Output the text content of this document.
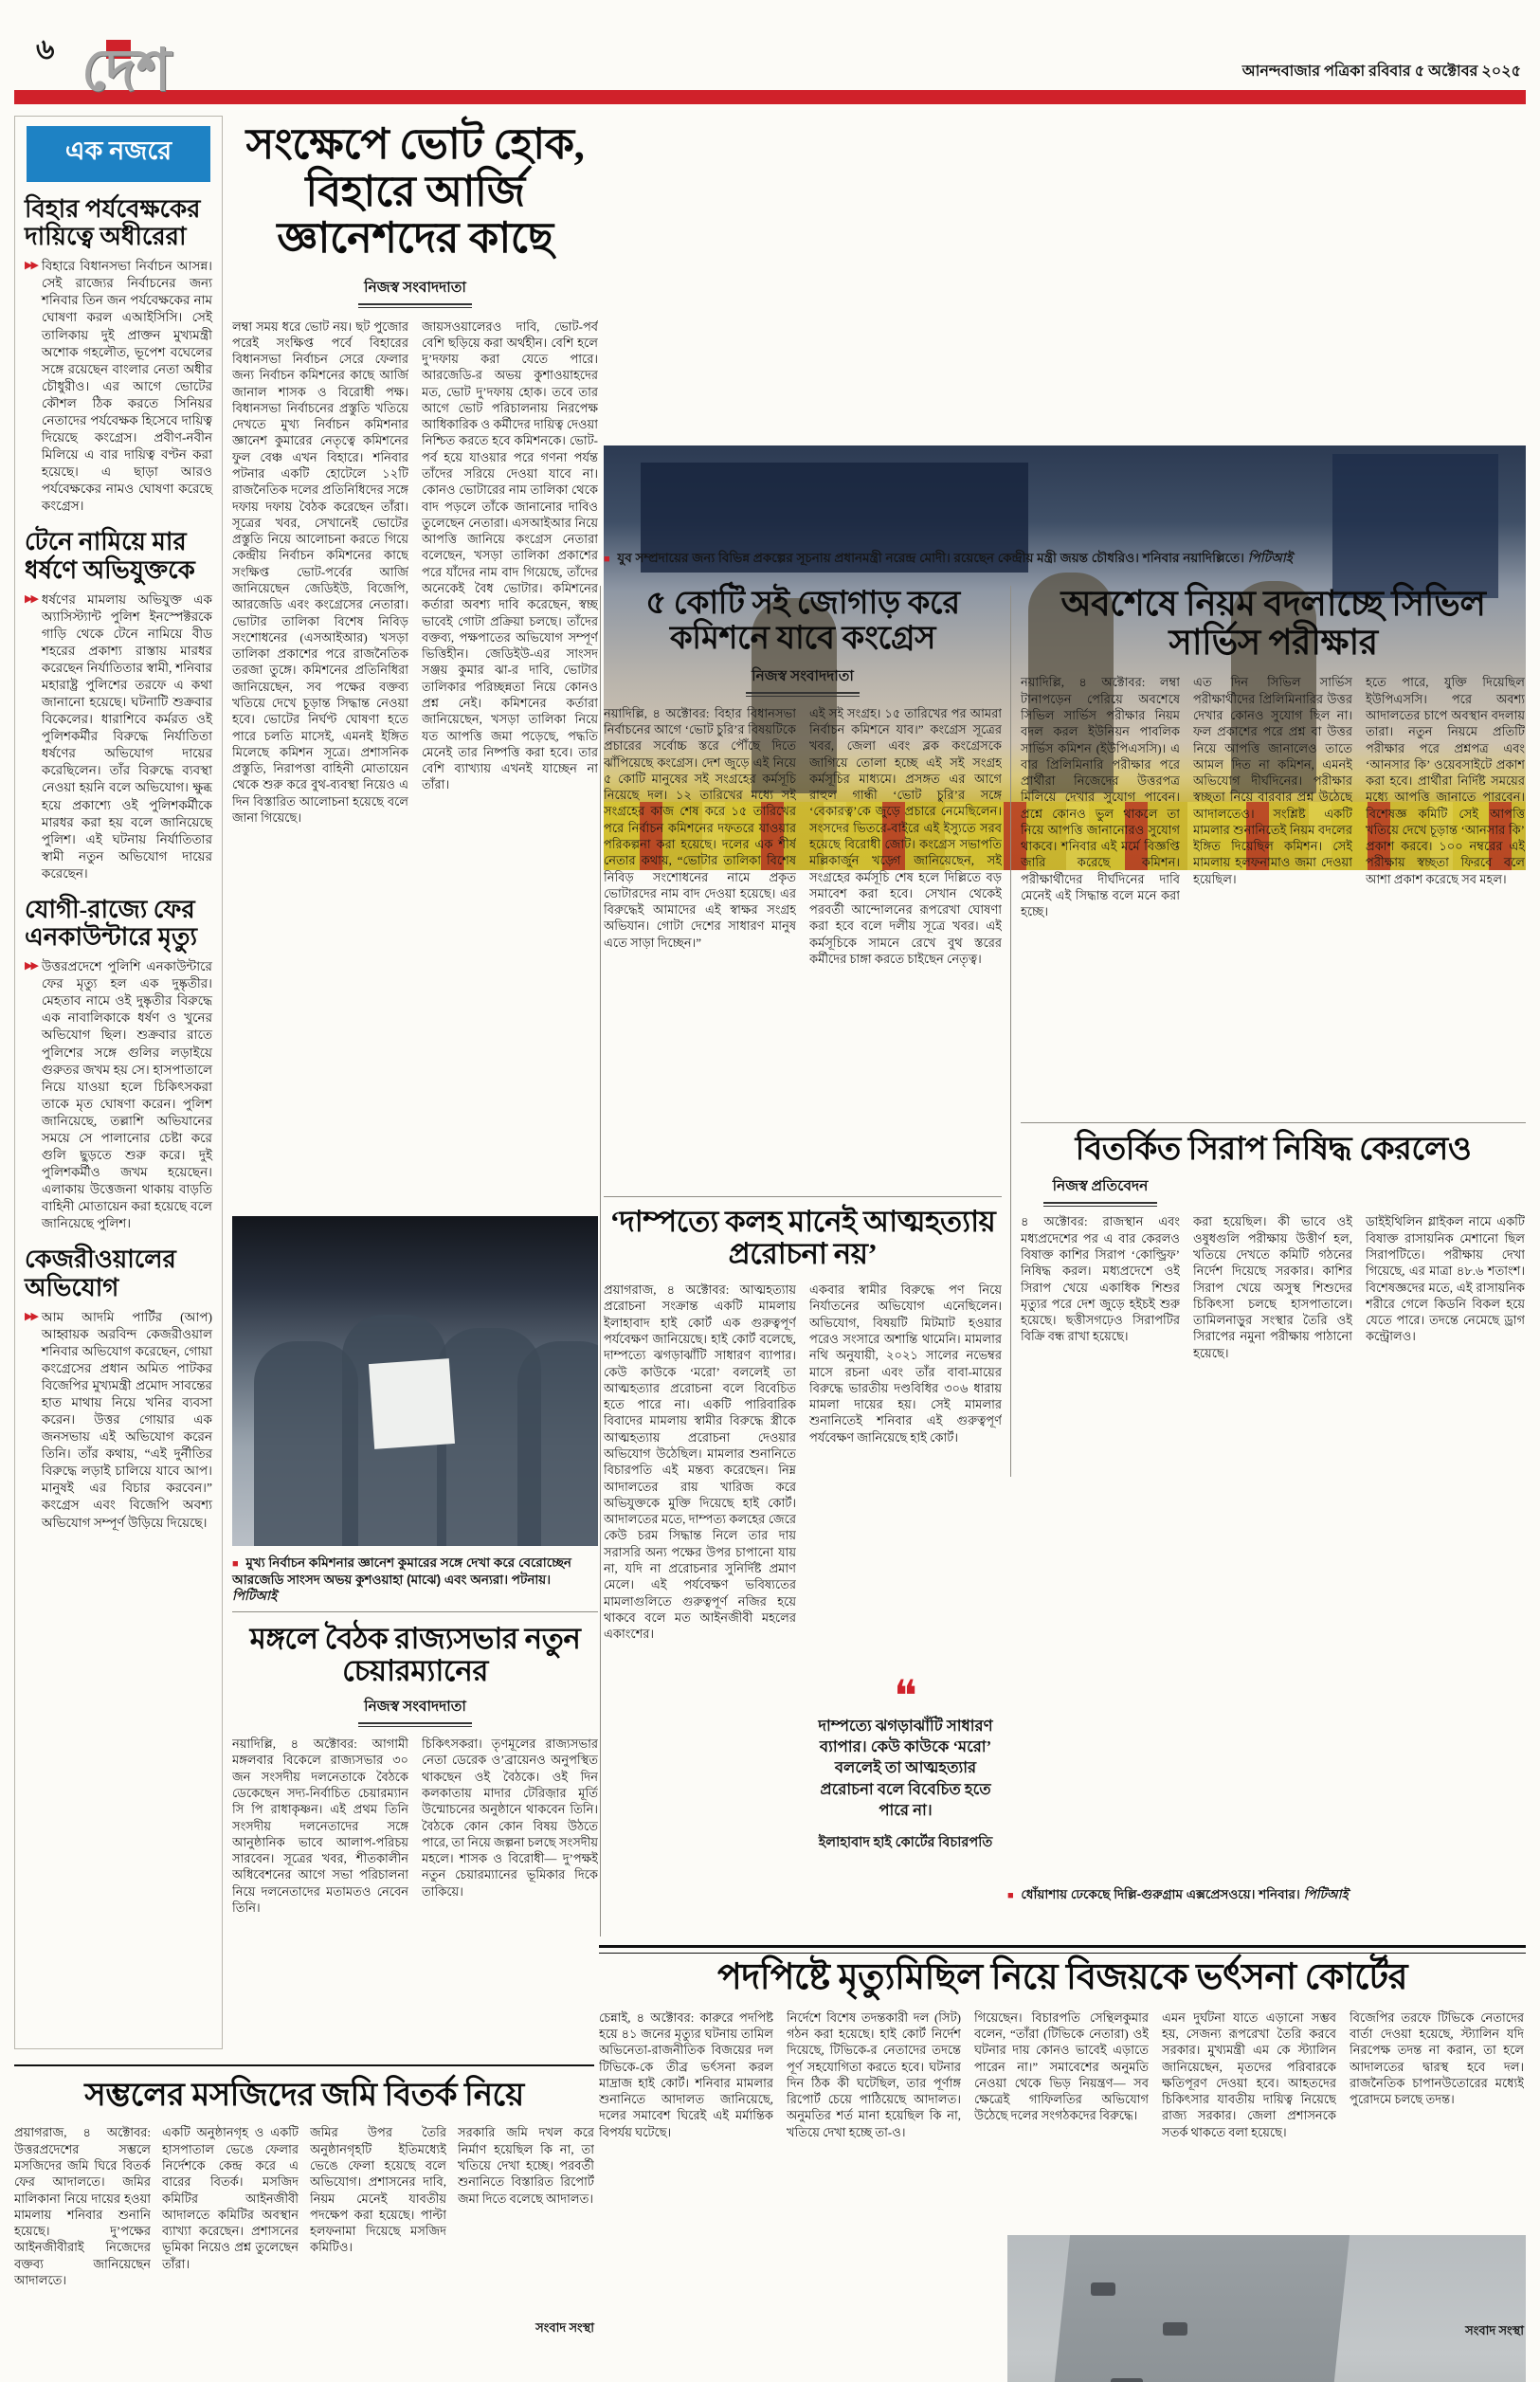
৬ দেশ	আনন্দবাজার পত্রিকা রবিবার ৫ অক্টোবর ২০২৫
এক নজরে
বিহার পর্যবেক্ষকের দায়িত্বে অধীরেরা
▶▶ বিহারে বিধানসভা নির্বাচন আসন্ন। সেই রাজ্যের নির্বাচনের জন্য শনিবার তিন জন পর্যবেক্ষকের নাম ঘোষণা করল এআইসিসি। সেই তালিকায় দুই প্রাক্তন মুখ্যমন্ত্রী অশোক গহলৌত, ভূপেশ বঘেলের সঙ্গে রয়েছেন বাংলার নেতা অধীর চৌধুরীও। এর আগে ভোটের কৌশল ঠিক করতে সিনিয়র নেতাদের পর্যবেক্ষক হিসেবে দায়িত্ব দিয়েছে কংগ্রেস। প্রবীণ-নবীন মিলিয়ে এ বার দায়িত্ব বণ্টন করা হয়েছে। এ ছাড়া আরও পর্যবেক্ষকের নামও ঘোষণা করেছে কংগ্রেস।
টেনে নামিয়ে মার ধর্ষণে অভিযুক্তকে
▶▶ ধর্ষণের মামলায় অভিযুক্ত এক অ্যাসিস্ট্যান্ট পুলিশ ইনস্পেক্টরকে গাড়ি থেকে টেনে নামিয়ে বীড শহরের প্রকাশ্য রাস্তায় মারধর করেছেন নির্যাতিতার স্বামী, শনিবার মহারাষ্ট্র পুলিশের তরফে এ কথা জানানো হয়েছে। ঘটনাটি শুক্রবার বিকেলের। ধারাশিবে কর্মরত ওই পুলিশকর্মীর বিরুদ্ধে নির্যাতিতা ধর্ষণের অভিযোগ দায়ের করেছিলেন। তাঁর বিরুদ্ধে ব্যবস্থা নেওয়া হয়নি বলে অভিযোগ। ক্ষুব্ধ হয়ে প্রকাশ্যে ওই পুলিশকর্মীকে মারধর করা হয় বলে জানিয়েছে পুলিশ। এই ঘটনায় নির্যাতিতার স্বামী নতুন অভিযোগ দায়ের করেছেন।
যোগী-রাজ্যে ফের এনকাউন্টারে মৃত্যু
▶▶ উত্তরপ্রদেশে পুলিশি এনকাউন্টারে ফের মৃত্যু হল এক দুষ্কৃতীর। মেহতাব নামে ওই দুষ্কৃতীর বিরুদ্ধে এক নাবালিকাকে ধর্ষণ ও খুনের অভিযোগ ছিল। শুক্রবার রাতে পুলিশের সঙ্গে গুলির লড়াইয়ে গুরুতর জখম হয় সে। হাসপাতালে নিয়ে যাওয়া হলে চিকিৎসকরা তাকে মৃত ঘোষণা করেন। পুলিশ জানিয়েছে, তল্লাশি অভিযানের সময়ে সে পালানোর চেষ্টা করে গুলি ছুড়তে শুরু করে। দুই পুলিশকর্মীও জখম হয়েছেন। এলাকায় উত্তেজনা থাকায় বাড়তি বাহিনী মোতায়েন করা হয়েছে বলে জানিয়েছে পুলিশ।
কেজরীওয়ালের অভিযোগ
▶▶ আম আদমি পার্টির (আপ) আহ্বায়ক অরবিন্দ কেজরীওয়াল শনিবার অভিযোগ করেছেন, গোয়া কংগ্রেসের প্রধান অমিত পাটকর বিজেপির মুখ্যমন্ত্রী প্রমোদ সাবন্তের হাত মাথায় নিয়ে খনির ব্যবসা করেন। উত্তর গোয়ার এক জনসভায় এই অভিযোগ করেন তিনি। তাঁর কথায়, “এই দুর্নীতির বিরুদ্ধে লড়াই চালিয়ে যাবে আপ। মানুষই এর বিচার করবেন।” কংগ্রেস এবং বিজেপি অবশ্য অভিযোগ সম্পূর্ণ উড়িয়ে দিয়েছে।
সংক্ষেপে ভোট হোক, বিহারে আর্জি জ্ঞানেশদের কাছে
নিজস্ব সংবাদদাতা
লম্বা সময় ধরে ভোট নয়। ছট পুজোর পরেই সংক্ষিপ্ত পর্বে বিহারের বিধানসভা নির্বাচন সেরে ফেলার জন্য নির্বাচন কমিশনের কাছে আর্জি জানাল শাসক ও বিরোধী পক্ষ। বিধানসভা নির্বাচনের প্রস্তুতি খতিয়ে দেখতে মুখ্য নির্বাচন কমিশনার জ্ঞানেশ কুমারের নেতৃত্বে কমিশনের ফুল বেঞ্চ এখন বিহারে। শনিবার পটনার একটি হোটেলে ১২টি রাজনৈতিক দলের প্রতিনিধিদের সঙ্গে দফায় দফায় বৈঠক করেছেন তাঁরা। সূত্রের খবর, সেখানেই ভোটের প্রস্তুতি নিয়ে আলোচনা করতে গিয়ে কেন্দ্রীয় নির্বাচন কমিশনের কাছে সংক্ষিপ্ত ভোট-পর্বের আর্জি জানিয়েছেন জেডিইউ, বিজেপি, আরজেডি এবং কংগ্রেসের নেতারা। ভোটার তালিকা বিশেষ নিবিড় সংশোধনের (এসআইআর) খসড়া তালিকা প্রকাশের পরে রাজনৈতিক তরজা তুঙ্গে। কমিশনের প্রতিনিধিরা জানিয়েছেন, সব পক্ষের বক্তব্য খতিয়ে দেখে চূড়ান্ত সিদ্ধান্ত নেওয়া হবে। ভোটের নির্ঘণ্ট ঘোষণা হতে পারে চলতি মাসেই, এমনই ইঙ্গিত মিলেছে কমিশন সূত্রে। প্রশাসনিক প্রস্তুতি, নিরাপত্তা বাহিনী মোতায়েন থেকে শুরু করে বুথ-ব্যবস্থা নিয়েও এ দিন বিস্তারিত আলোচনা হয়েছে বলে জানা গিয়েছে।
জায়সওয়ালেরও দাবি, ভোট-পর্ব বেশি ছড়িয়ে করা অর্থহীন। বেশি হলে দু’দফায় করা যেতে পারে। আরজেডি-র অভয় কুশাওয়াহদের মত, ভোট দু’দফায় হোক। তবে তার আগে ভোট পরিচালনায় নিরপেক্ষ আধিকারিক ও কর্মীদের দায়িত্ব দেওয়া নিশ্চিত করতে হবে কমিশনকে। ভোট-পর্ব হয়ে যাওয়ার পরে গণনা পর্যন্ত তাঁদের সরিয়ে দেওয়া যাবে না। কোনও ভোটারের নাম তালিকা থেকে বাদ পড়লে তাঁকে জানানোর দাবিও তুলেছেন নেতারা। এসআইআর নিয়ে আপত্তি জানিয়ে কংগ্রেস নেতারা বলেছেন, খসড়া তালিকা প্রকাশের পরে যাঁদের নাম বাদ গিয়েছে, তাঁদের অনেকেই বৈধ ভোটার। কমিশনের কর্তারা অবশ্য দাবি করেছেন, স্বচ্ছ ভাবেই গোটা প্রক্রিয়া চলছে। তাঁদের বক্তব্য, পক্ষপাতের অভিযোগ সম্পূর্ণ ভিত্তিহীন। জেডিইউ-এর সাংসদ সঞ্জয় কুমার ঝা-র দাবি, ভোটার তালিকার পরিচ্ছন্নতা নিয়ে কোনও প্রশ্ন নেই। কমিশনের কর্তারা জানিয়েছেন, খসড়া তালিকা নিয়ে যত আপত্তি জমা পড়েছে, পদ্ধতি মেনেই তার নিষ্পত্তি করা হবে। তার বেশি ব্যাখ্যায় এখনই যাচ্ছেন না তাঁরা।
■ মুখ্য নির্বাচন কমিশনার জ্ঞানেশ কুমারের সঙ্গে দেখা করে বেরোচ্ছেন আরজেডি সাংসদ অভয় কুশওয়াহা (মাঝে) এবং অন্যরা। পটনায়। পিটিআই
মঙ্গলে বৈঠক রাজ্যসভার নতুন চেয়ারম্যানের
নিজস্ব সংবাদদাতা
নয়াদিল্লি, ৪ অক্টোবর: আগামী মঙ্গলবার বিকেলে রাজ্যসভার ৩০ জন সংসদীয় দলনেতাকে বৈঠকে ডেকেছেন সদ্য-নির্বাচিত চেয়ারম্যান সি পি রাধাকৃষ্ণন। এই প্রথম তিনি সংসদীয় দলনেতাদের সঙ্গে আনুষ্ঠানিক ভাবে আলাপ-পরিচয় সারবেন। সূত্রের খবর, শীতকালীন অধিবেশনের আগে সভা পরিচালনা নিয়ে দলনেতাদের মতামতও নেবেন তিনি।
চিকিৎসকরা। তৃণমূলের রাজ্যসভার নেতা ডেরেক ও’ব্রায়েনও অনুপস্থিত থাকছেন ওই বৈঠকে। ওই দিন কলকাতায় মাদার টেরিজ়ার মূর্তি উন্মোচনের অনুষ্ঠানে থাকবেন তিনি। বৈঠকে কোন কোন বিষয় উঠতে পারে, তা নিয়ে জল্পনা চলছে সংসদীয় মহলে। শাসক ও বিরোধী— দু’পক্ষই নতুন চেয়ারম্যানের ভূমিকার দিকে তাকিয়ে।
■ যুব সম্প্রদায়ের জন্য বিভিন্ন প্রকল্পের সূচনায় প্রধানমন্ত্রী নরেন্দ্র মোদী। রয়েছেন কেন্দ্রীয় মন্ত্রী জয়ন্ত চৌধরিও। শনিবার নয়াদিল্লিতে। পিটিআই
৫ কোটি সই জোগাড় করে কমিশনে যাবে কংগ্রেস
নিজস্ব সংবাদদাতা
নয়াদিল্লি, ৪ অক্টোবর: বিহার বিধানসভা নির্বাচনের আগে ‘ভোট চুরি’র বিষয়টিকে প্রচারের সর্বোচ্চ স্তরে পৌঁছে দিতে ঝাঁপিয়েছে কংগ্রেস। দেশ জুড়ে এই নিয়ে ৫ কোটি মানুষের সই সংগ্রহের কর্মসূচি নিয়েছে দল। ১২ তারিখের মধ্যে সই সংগ্রহের কাজ শেষ করে ১৫ তারিখের পরে নির্বাচন কমিশনের দফতরে যাওয়ার পরিকল্পনা করা হয়েছে। দলের এক শীর্ষ নেতার কথায়, “ভোটার তালিকা বিশেষ নিবিড় সংশোধনের নামে প্রকৃত ভোটারদের নাম বাদ দেওয়া হয়েছে। এর বিরুদ্ধেই আমাদের এই স্বাক্ষর সংগ্রহ অভিযান। গোটা দেশের সাধারণ মানুষ এতে সাড়া দিচ্ছেন।”
এই সই সংগ্রহ। ১৫ তারিখের পর আমরা নির্বাচন কমিশনে যাব।” কংগ্রেস সূত্রের খবর, জেলা এবং ব্লক কংগ্রেসকে জাগিয়ে তোলা হচ্ছে এই সই সংগ্রহ কর্মসূচির মাধ্যমে। প্রসঙ্গত এর আগে রাহুল গান্ধী ‘ভোট চুরি’র সঙ্গে ‘বেকারত্ব’কে জুড়ে প্রচারে নেমেছিলেন। সংসদের ভিতরে-বাইরে এই ইস্যুতে সরব হয়েছে বিরোধী জোট। কংগ্রেস সভাপতি মল্লিকার্জুন খড়্গে জানিয়েছেন, সই সংগ্রহের কর্মসূচি শেষ হলে দিল্লিতে বড় সমাবেশ করা হবে। সেখান থেকেই পরবর্তী আন্দোলনের রূপরেখা ঘোষণা করা হবে বলে দলীয় সূত্রে খবর। এই কর্মসূচিকে সামনে রেখে বুথ স্তরের কর্মীদের চাঙ্গা করতে চাইছেন নেতৃত্ব।
অবশেষে নিয়ম বদলাচ্ছে সিভিল সার্ভিস পরীক্ষার
নয়াদিল্লি, ৪ অক্টোবর: লম্বা টানাপড়েন পেরিয়ে অবশেষে সিভিল সার্ভিস পরীক্ষার নিয়ম বদল করল ইউনিয়ন পাবলিক সার্ভিস কমিশন (ইউপিএসসি)। এ বার প্রিলিমিনারি পরীক্ষার পরে প্রার্থীরা নিজেদের উত্তরপত্র মিলিয়ে দেখার সুযোগ পাবেন। প্রশ্নে কোনও ভুল থাকলে তা নিয়ে আপত্তি জানানোরও সুযোগ থাকবে। শনিবার এই মর্মে বিজ্ঞপ্তি জারি করেছে কমিশন। পরীক্ষার্থীদের দীর্ঘদিনের দাবি মেনেই এই সিদ্ধান্ত বলে মনে করা হচ্ছে।
এত দিন সিভিল সার্ভিস পরীক্ষার্থীদের প্রিলিমিনারির উত্তর দেখার কোনও সুযোগ ছিল না। ফল প্রকাশের পরে প্রশ্ন বা উত্তর নিয়ে আপত্তি জানালেও তাতে আমল দিত না কমিশন, এমনই অভিযোগ দীর্ঘদিনের। পরীক্ষার স্বচ্ছতা নিয়ে বারবার প্রশ্ন উঠেছে আদালতেও। সংশ্লিষ্ট একটি মামলার শুনানিতেই নিয়ম বদলের ইঙ্গিত দিয়েছিল কমিশন। সেই মামলায় হলফনামাও জমা দেওয়া হয়েছিল।
হতে পারে, যুক্তি দিয়েছিল ইউপিএসসি। পরে অবশ্য আদালতের চাপে অবস্থান বদলায় তারা। নতুন নিয়মে প্রতিটি পরীক্ষার পরে প্রশ্নপত্র এবং ‘আনসার কি’ ওয়েবসাইটে প্রকাশ করা হবে। প্রার্থীরা নির্দিষ্ট সময়ের মধ্যে আপত্তি জানাতে পারবেন। বিশেষজ্ঞ কমিটি সেই আপত্তি খতিয়ে দেখে চূড়ান্ত ‘আনসার কি’ প্রকাশ করবে। ১০০ নম্বরের এই পরীক্ষায় স্বচ্ছতা ফিরবে বলে আশা প্রকাশ করেছে সব মহল।
বিতর্কিত সিরাপ নিষিদ্ধ কেরলেও
নিজস্ব প্রতিবেদন
৪ অক্টোবর: রাজস্থান এবং মধ্যপ্রদেশের পর এ বার কেরলও বিষাক্ত কাশির সিরাপ ‘কোল্ড্রিফ’ নিষিদ্ধ করল। মধ্যপ্রদেশে ওই সিরাপ খেয়ে একাধিক শিশুর মৃত্যুর পরে দেশ জুড়ে হইচই শুরু হয়েছে। ছত্তীসগঢ়েও সিরাপটির বিক্রি বন্ধ রাখা হয়েছে।
করা হয়েছিল। কী ভাবে ওই ওষুধগুলি পরীক্ষায় উত্তীর্ণ হল, খতিয়ে দেখতে কমিটি গঠনের নির্দেশ দিয়েছে সরকার। কাশির সিরাপ খেয়ে অসুস্থ শিশুদের চিকিৎসা চলছে হাসপাতালে। তামিলনাড়ুর সংস্থার তৈরি ওই সিরাপের নমুনা পরীক্ষায় পাঠানো হয়েছে।
ডাইইথিলিন গ্লাইকল নামে একটি বিষাক্ত রাসায়নিক মেশানো ছিল সিরাপটিতে। পরীক্ষায় দেখা গিয়েছে, এর মাত্রা ৪৮.৬ শতাংশ। বিশেষজ্ঞদের মতে, এই রাসায়নিক শরীরে গেলে কিডনি বিকল হয়ে যেতে পারে। তদন্তে নেমেছে ড্রাগ কন্ট্রোলও।
■ ধোঁয়াশায় ঢেকেছে দিল্লি-গুরুগ্রাম এক্সপ্রেসওয়ে। শনিবার। পিটিআই
‘দাম্পত্যে কলহ মানেই আত্মহত্যায় প্ররোচনা নয়’
প্রয়াগরাজ, ৪ অক্টোবর: আত্মহত্যায় প্ররোচনা সংক্রান্ত একটি মামলায় ইলাহাবাদ হাই কোর্ট এক গুরুত্বপূর্ণ পর্যবেক্ষণ জানিয়েছে। হাই কোর্ট বলেছে, দাম্পত্যে ঝগড়াঝাঁটি সাধারণ ব্যাপার। কেউ কাউকে ‘মরো’ বললেই তা আত্মহত্যার প্ররোচনা বলে বিবেচিত হতে পারে না। একটি পারিবারিক বিবাদের মামলায় স্বামীর বিরুদ্ধে স্ত্রীকে আত্মহত্যায় প্ররোচনা দেওয়ার অভিযোগ উঠেছিল। মামলার শুনানিতে বিচারপতি এই মন্তব্য করেছেন। নিম্ন আদালতের রায় খারিজ করে অভিযুক্তকে মুক্তি দিয়েছে হাই কোর্ট। আদালতের মতে, দাম্পত্য কলহের জেরে কেউ চরম সিদ্ধান্ত নিলে তার দায় সরাসরি অন্য পক্ষের উপর চাপানো যায় না, যদি না প্ররোচনার সুনির্দিষ্ট প্রমাণ মেলে। এই পর্যবেক্ষণ ভবিষ্যতের মামলাগুলিতে গুরুত্বপূর্ণ নজির হয়ে থাকবে বলে মত আইনজীবী মহলের একাংশের।
একবার স্বামীর বিরুদ্ধে পণ নিয়ে নির্যাতনের অভিযোগ এনেছিলেন। অভিযোগ, বিষয়টি মিটমাট হওয়ার পরেও সংসারে অশান্তি থামেনি। মামলার নথি অনুযায়ী, ২০২১ সালের নভেম্বর মাসে রচনা এবং তাঁর বাবা-মায়ের বিরুদ্ধে ভারতীয় দণ্ডবিধির ৩০৬ ধারায় মামলা দায়ের হয়। সেই মামলার শুনানিতেই শনিবার এই গুরুত্বপূর্ণ পর্যবেক্ষণ জানিয়েছে হাই কোর্ট।
❝
দাম্পত্যে ঝগড়াঝাঁটি সাধারণ ব্যাপার। কেউ কাউকে ‘মরো’ বললেই তা আত্মহত্যার প্ররোচনা বলে বিবেচিত হতে পারে না।
ইলাহাবাদ হাই কোর্টের বিচারপতি
পদপিষ্টে মৃত্যুমিছিল নিয়ে বিজয়কে ভর্ৎসনা কোর্টের
চেন্নাই, ৪ অক্টোবর: কারুরে পদপিষ্ট হয়ে ৪১ জনের মৃত্যুর ঘটনায় তামিল অভিনেতা-রাজনীতিক বিজয়ের দল টিভিকে-কে তীব্র ভর্ৎসনা করল মাদ্রাজ হাই কোর্ট। শনিবার মামলার শুনানিতে আদালত জানিয়েছে, দলের সমাবেশ ঘিরেই এই মর্মান্তিক বিপর্যয় ঘটেছে।
নির্দেশে বিশেষ তদন্তকারী দল (সিট) গঠন করা হয়েছে। হাই কোর্ট নির্দেশ দিয়েছে, টিভিকে-র নেতাদের তদন্তে পূর্ণ সহযোগিতা করতে হবে। ঘটনার দিন ঠিক কী ঘটেছিল, তার পূর্ণাঙ্গ রিপোর্ট চেয়ে পাঠিয়েছে আদালত। অনুমতির শর্ত মানা হয়েছিল কি না, খতিয়ে দেখা হচ্ছে তা-ও।
গিয়েছেন। বিচারপতি সেন্থিলকুমার বলেন, “তাঁরা (টিভিকে নেতারা) ওই ঘটনার দায় কোনও ভাবেই এড়াতে পারেন না।” সমাবেশের অনুমতি নেওয়া থেকে ভিড় নিয়ন্ত্রণ— সব ক্ষেত্রেই গাফিলতির অভিযোগ উঠেছে দলের সংগঠকদের বিরুদ্ধে।
এমন দুর্ঘটনা যাতে এড়ানো সম্ভব হয়, সেজন্য রূপরেখা তৈরি করবে সরকার। মুখ্যমন্ত্রী এম কে স্ট্যালিন জানিয়েছেন, মৃতদের পরিবারকে ক্ষতিপূরণ দেওয়া হবে। আহতদের চিকিৎসার যাবতীয় দায়িত্ব নিয়েছে রাজ্য সরকার। জেলা প্রশাসনকে সতর্ক থাকতে বলা হয়েছে।
বিজেপির তরফে টিভিকে নেতাদের বার্তা দেওয়া হয়েছে, স্ট্যালিন যদি নিরপেক্ষ তদন্ত না করান, তা হলে আদালতের দ্বারস্থ হবে দল। রাজনৈতিক চাপানউতোরের মধ্যেই পুরোদমে চলছে তদন্ত।
সংবাদ সংস্থা
সম্ভলের মসজিদের জমি বিতর্ক নিয়ে
প্রয়াগরাজ, ৪ অক্টোবর: উত্তরপ্রদেশের সম্ভলে মসজিদের জমি ঘিরে বিতর্ক ফের আদালতে। জমির মালিকানা নিয়ে দায়ের হওয়া মামলায় শনিবার শুনানি হয়েছে। দু’পক্ষের আইনজীবীরাই নিজেদের বক্তব্য জানিয়েছেন আদালতে।
একটি অনুষ্ঠানগৃহ ও একটি হাসপাতাল ভেঙে ফেলার নির্দেশকে কেন্দ্র করে এ বারের বিতর্ক। মসজিদ কমিটির আইনজীবী আদালতে কমিটির অবস্থান ব্যাখ্যা করেছেন। প্রশাসনের ভূমিকা নিয়েও প্রশ্ন তুলেছেন তাঁরা।
জমির উপর তৈরি অনুষ্ঠানগৃহটি ইতিমধ্যেই ভেঙে ফেলা হয়েছে বলে অভিযোগ। প্রশাসনের দাবি, নিয়ম মেনেই যাবতীয় পদক্ষেপ করা হয়েছে। পাল্টা হলফনামা দিয়েছে মসজিদ কমিটিও।
সরকারি জমি দখল করে নির্মাণ হয়েছিল কি না, তা খতিয়ে দেখা হচ্ছে। পরবর্তী শুনানিতে বিস্তারিত রিপোর্ট জমা দিতে বলেছে আদালত।
সংবাদ সংস্থা
